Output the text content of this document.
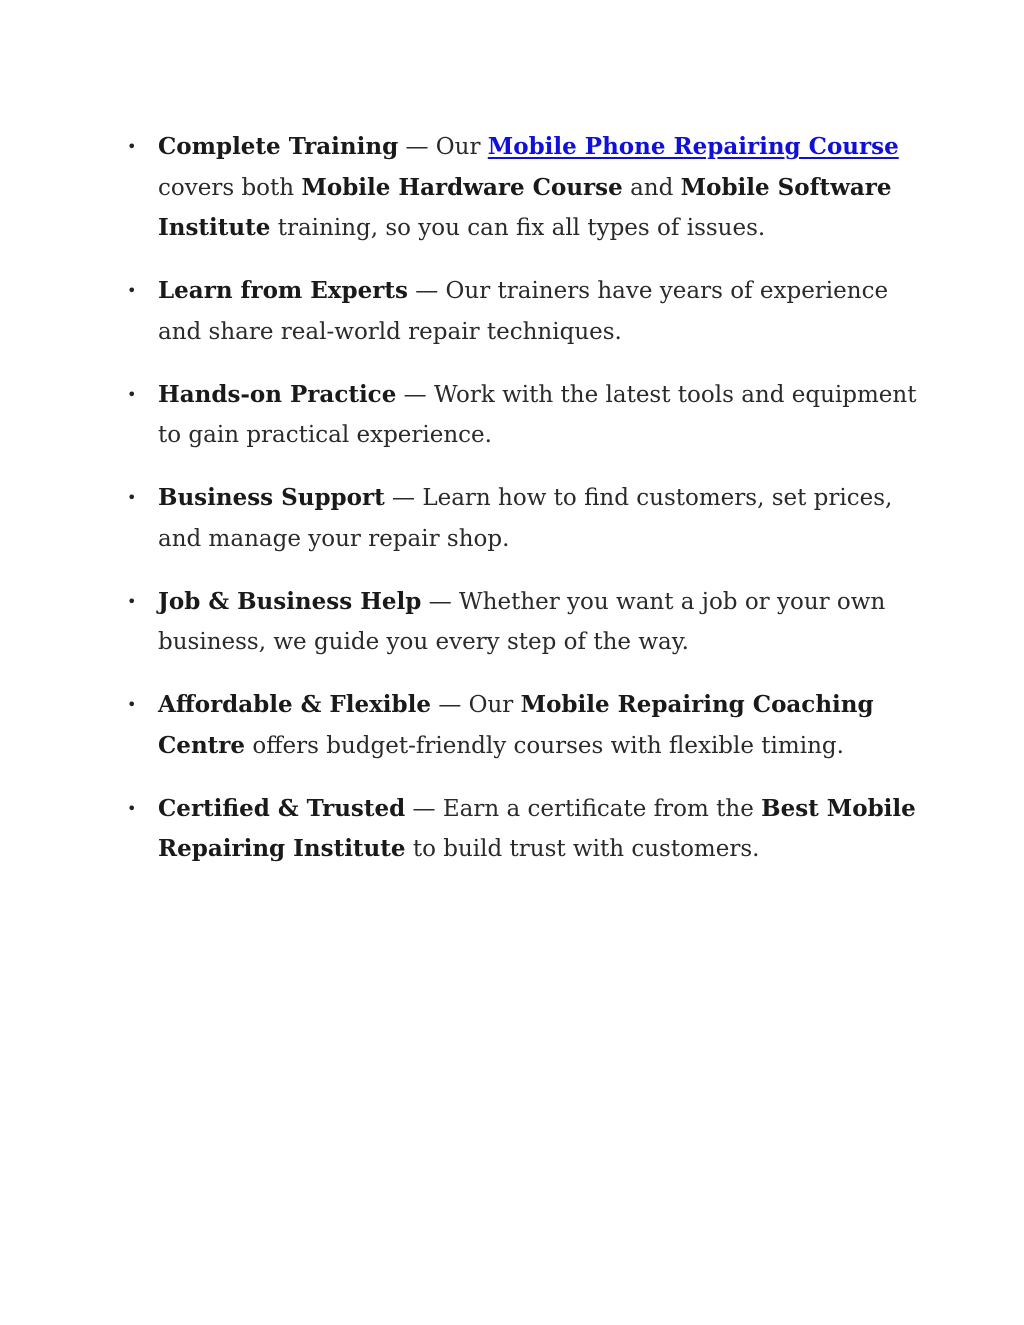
• Complete Training — Our Mobile Phone Repairing Course covers both Mobile Hardware Course and Mobile Software Institute training, so you can fix all types of issues.
• Learn from Experts — Our trainers have years of experience and share real-world repair techniques.
• Hands-on Practice — Work with the latest tools and equipment to gain practical experience.
• Business Support — Learn how to find customers, set prices, and manage your repair shop.
• Job & Business Help — Whether you want a job or your own business, we guide you every step of the way.
• Affordable & Flexible — Our Mobile Repairing Coaching Centre offers budget-friendly courses with flexible timing.
• Certified & Trusted — Earn a certificate from the Best Mobile Repairing Institute to build trust with customers.
